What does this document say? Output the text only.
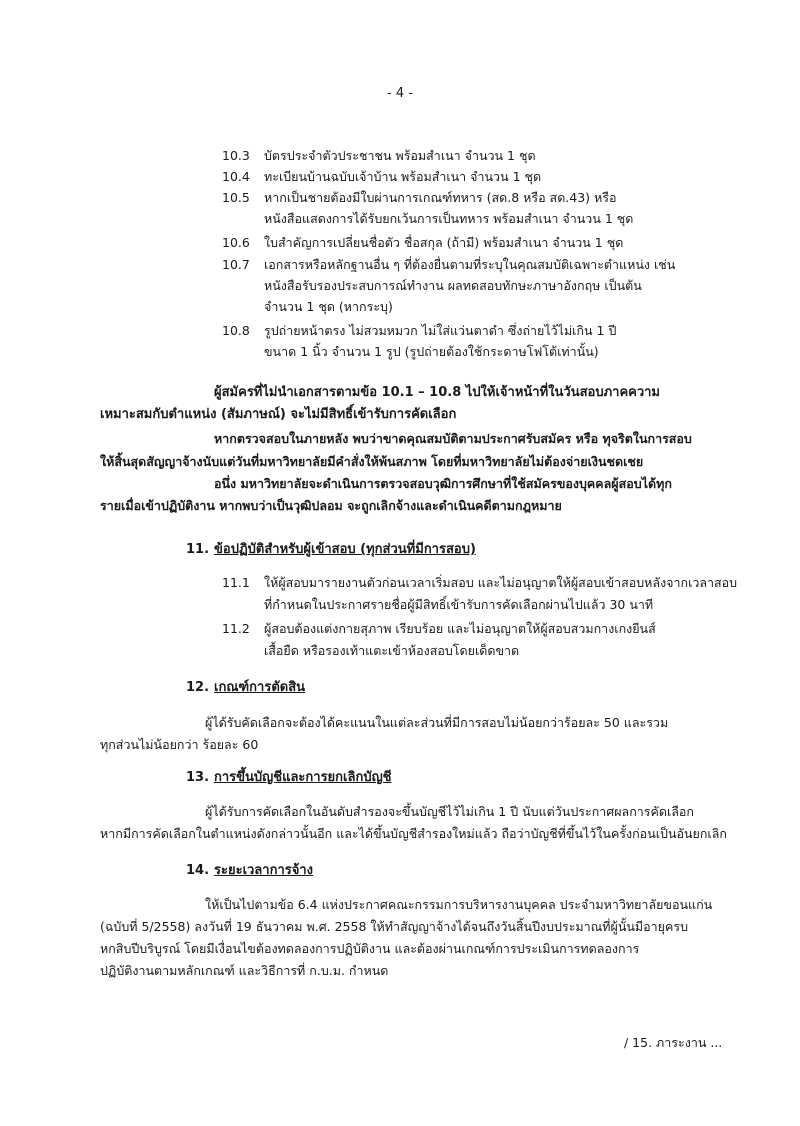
- 4 -
10.3 บัตรประจำตัวประชาชน พร้อมสำเนา จำนวน 1 ชุด
10.4 ทะเบียนบ้านฉบับเจ้าบ้าน พร้อมสำเนา จำนวน 1 ชุด
10.5 หากเป็นชายต้องมีใบผ่านการเกณฑ์ทหาร (สด.8 หรือ สด.43) หรือ
หนังสือแสดงการได้รับยกเว้นการเป็นทหาร พร้อมสำเนา จำนวน 1 ชุด
10.6 ใบสำคัญการเปลี่ยนชื่อตัว ชื่อสกุล (ถ้ามี) พร้อมสำเนา จำนวน 1 ชุด
10.7 เอกสารหรือหลักฐานอื่น ๆ ที่ต้องยื่นตามที่ระบุในคุณสมบัติเฉพาะตำแหน่ง เช่น
หนังสือรับรองประสบการณ์ทำงาน ผลทดสอบทักษะภาษาอังกฤษ เป็นต้น
จำนวน 1 ชุด (หากระบุ)
10.8 รูปถ่ายหน้าตรง ไม่สวมหมวก ไม่ใส่แว่นตาดำ ซึ่งถ่ายไว้ไม่เกิน 1 ปี
ขนาด 1 นิ้ว จำนวน 1 รูป (รูปถ่ายต้องใช้กระดาษโฟโต้เท่านั้น)
ผู้สมัครที่ไม่นำเอกสารตามข้อ 10.1 – 10.8 ไปให้เจ้าหน้าที่ในวันสอบภาคความ
เหมาะสมกับตำแหน่ง (สัมภาษณ์) จะไม่มีสิทธิ์เข้ารับการคัดเลือก
หากตรวจสอบในภายหลัง พบว่าขาดคุณสมบัติตามประกาศรับสมัคร หรือ ทุจริตในการสอบ
ให้สิ้นสุดสัญญาจ้างนับแต่วันที่มหาวิทยาลัยมีคำสั่งให้พ้นสภาพ โดยที่มหาวิทยาลัยไม่ต้องจ่ายเงินชดเชย
อนึ่ง มหาวิทยาลัยจะดำเนินการตรวจสอบวุฒิการศึกษาที่ใช้สมัครของบุคคลผู้สอบได้ทุก
รายเมื่อเข้าปฏิบัติงาน หากพบว่าเป็นวุฒิปลอม จะถูกเลิกจ้างและดำเนินคดีตามกฎหมาย
11. ข้อปฏิบัติสำหรับผู้เข้าสอบ (ทุกส่วนที่มีการสอบ)
11.1 ให้ผู้สอบมารายงานตัวก่อนเวลาเริ่มสอบ และไม่อนุญาตให้ผู้สอบเข้าสอบหลังจากเวลาสอบ
ที่กำหนดในประกาศรายชื่อผู้มีสิทธิ์เข้ารับการคัดเลือกผ่านไปแล้ว 30 นาที
11.2 ผู้สอบต้องแต่งกายสุภาพ เรียบร้อย และไม่อนุญาตให้ผู้สอบสวมกางเกงยีนส์
เสื้อยืด หรือรองเท้าแตะเข้าห้องสอบโดยเด็ดขาด
12. เกณฑ์การตัดสิน
ผู้ได้รับคัดเลือกจะต้องได้คะแนนในแต่ละส่วนที่มีการสอบไม่น้อยกว่าร้อยละ 50 และรวม
ทุกส่วนไม่น้อยกว่า ร้อยละ 60
13. การขึ้นบัญชีและการยกเลิกบัญชี
ผู้ได้รับการคัดเลือกในอันดับสำรองจะขึ้นบัญชีไว้ไม่เกิน 1 ปี นับแต่วันประกาศผลการคัดเลือก
หากมีการคัดเลือกในตำแหน่งดังกล่าวนั้นอีก และได้ขึ้นบัญชีสำรองใหม่แล้ว ถือว่าบัญชีที่ขึ้นไว้ในครั้งก่อนเป็นอันยกเลิก
14. ระยะเวลาการจ้าง
ให้เป็นไปตามข้อ 6.4 แห่งประกาศคณะกรรมการบริหารงานบุคคล ประจำมหาวิทยาลัยขอนแก่น
(ฉบับที่ 5/2558) ลงวันที่ 19 ธันวาคม พ.ศ. 2558 ให้ทำสัญญาจ้างได้จนถึงวันสิ้นปีงบประมาณที่ผู้นั้นมีอายุครบ
หกสิบปีบริบูรณ์ โดยมีเงื่อนไขต้องทดลองการปฏิบัติงาน และต้องผ่านเกณฑ์การประเมินการทดลองการ
ปฏิบัติงานตามหลักเกณฑ์ และวิธีการที่ ก.บ.ม. กำหนด
/ 15. ภาระงาน ...
